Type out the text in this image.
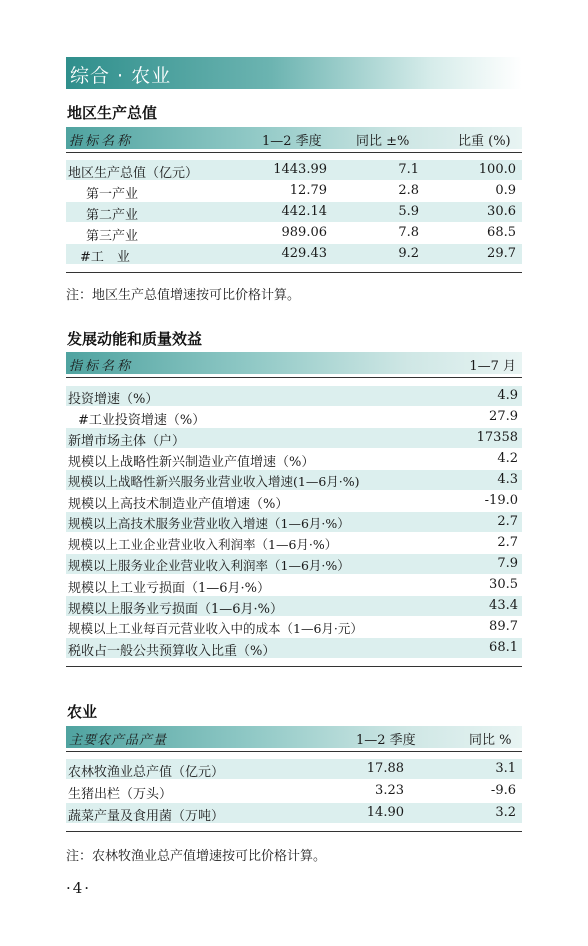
综合 · 农业
地区生产总值
指标名称	1—2 季度	同比 ±%	比重 (%)
地区生产总值（亿元）	1443.99	7.1	100.0
第一产业	12.79	2.8	0.9
第二产业	442.14	5.9	30.6
第三产业	989.06	7.8	68.5
#工　业	429.43	9.2	29.7
注：地区生产总值增速按可比价格计算。
发展动能和质量效益
指标名称	1—7 月
投资增速（%）	4.9
#工业投资增速（%）	27.9
新增市场主体（户）	17358
规模以上战略性新兴制造业产值增速（%）	4.2
规模以上战略性新兴服务业营业收入增速(1—6月·%)	4.3
规模以上高技术制造业产值增速（%）	-19.0
规模以上高技术服务业营业收入增速（1—6月·%）	2.7
规模以上工业企业营业收入利润率（1—6月·%）	2.7
规模以上服务业企业营业收入利润率（1—6月·%）	7.9
规模以上工业亏损面（1—6月·%）	30.5
规模以上服务业亏损面（1—6月·%）	43.4
规模以上工业每百元营业收入中的成本（1—6月·元）	89.7
税收占一般公共预算收入比重（%）	68.1
农业
主要农产品产量	1—2 季度	同比 %
农林牧渔业总产值（亿元）	17.88	3.1
生猪出栏（万头）	3.23	-9.6
蔬菜产量及食用菌（万吨）	14.90	3.2
注：农林牧渔业总产值增速按可比价格计算。
·4·
